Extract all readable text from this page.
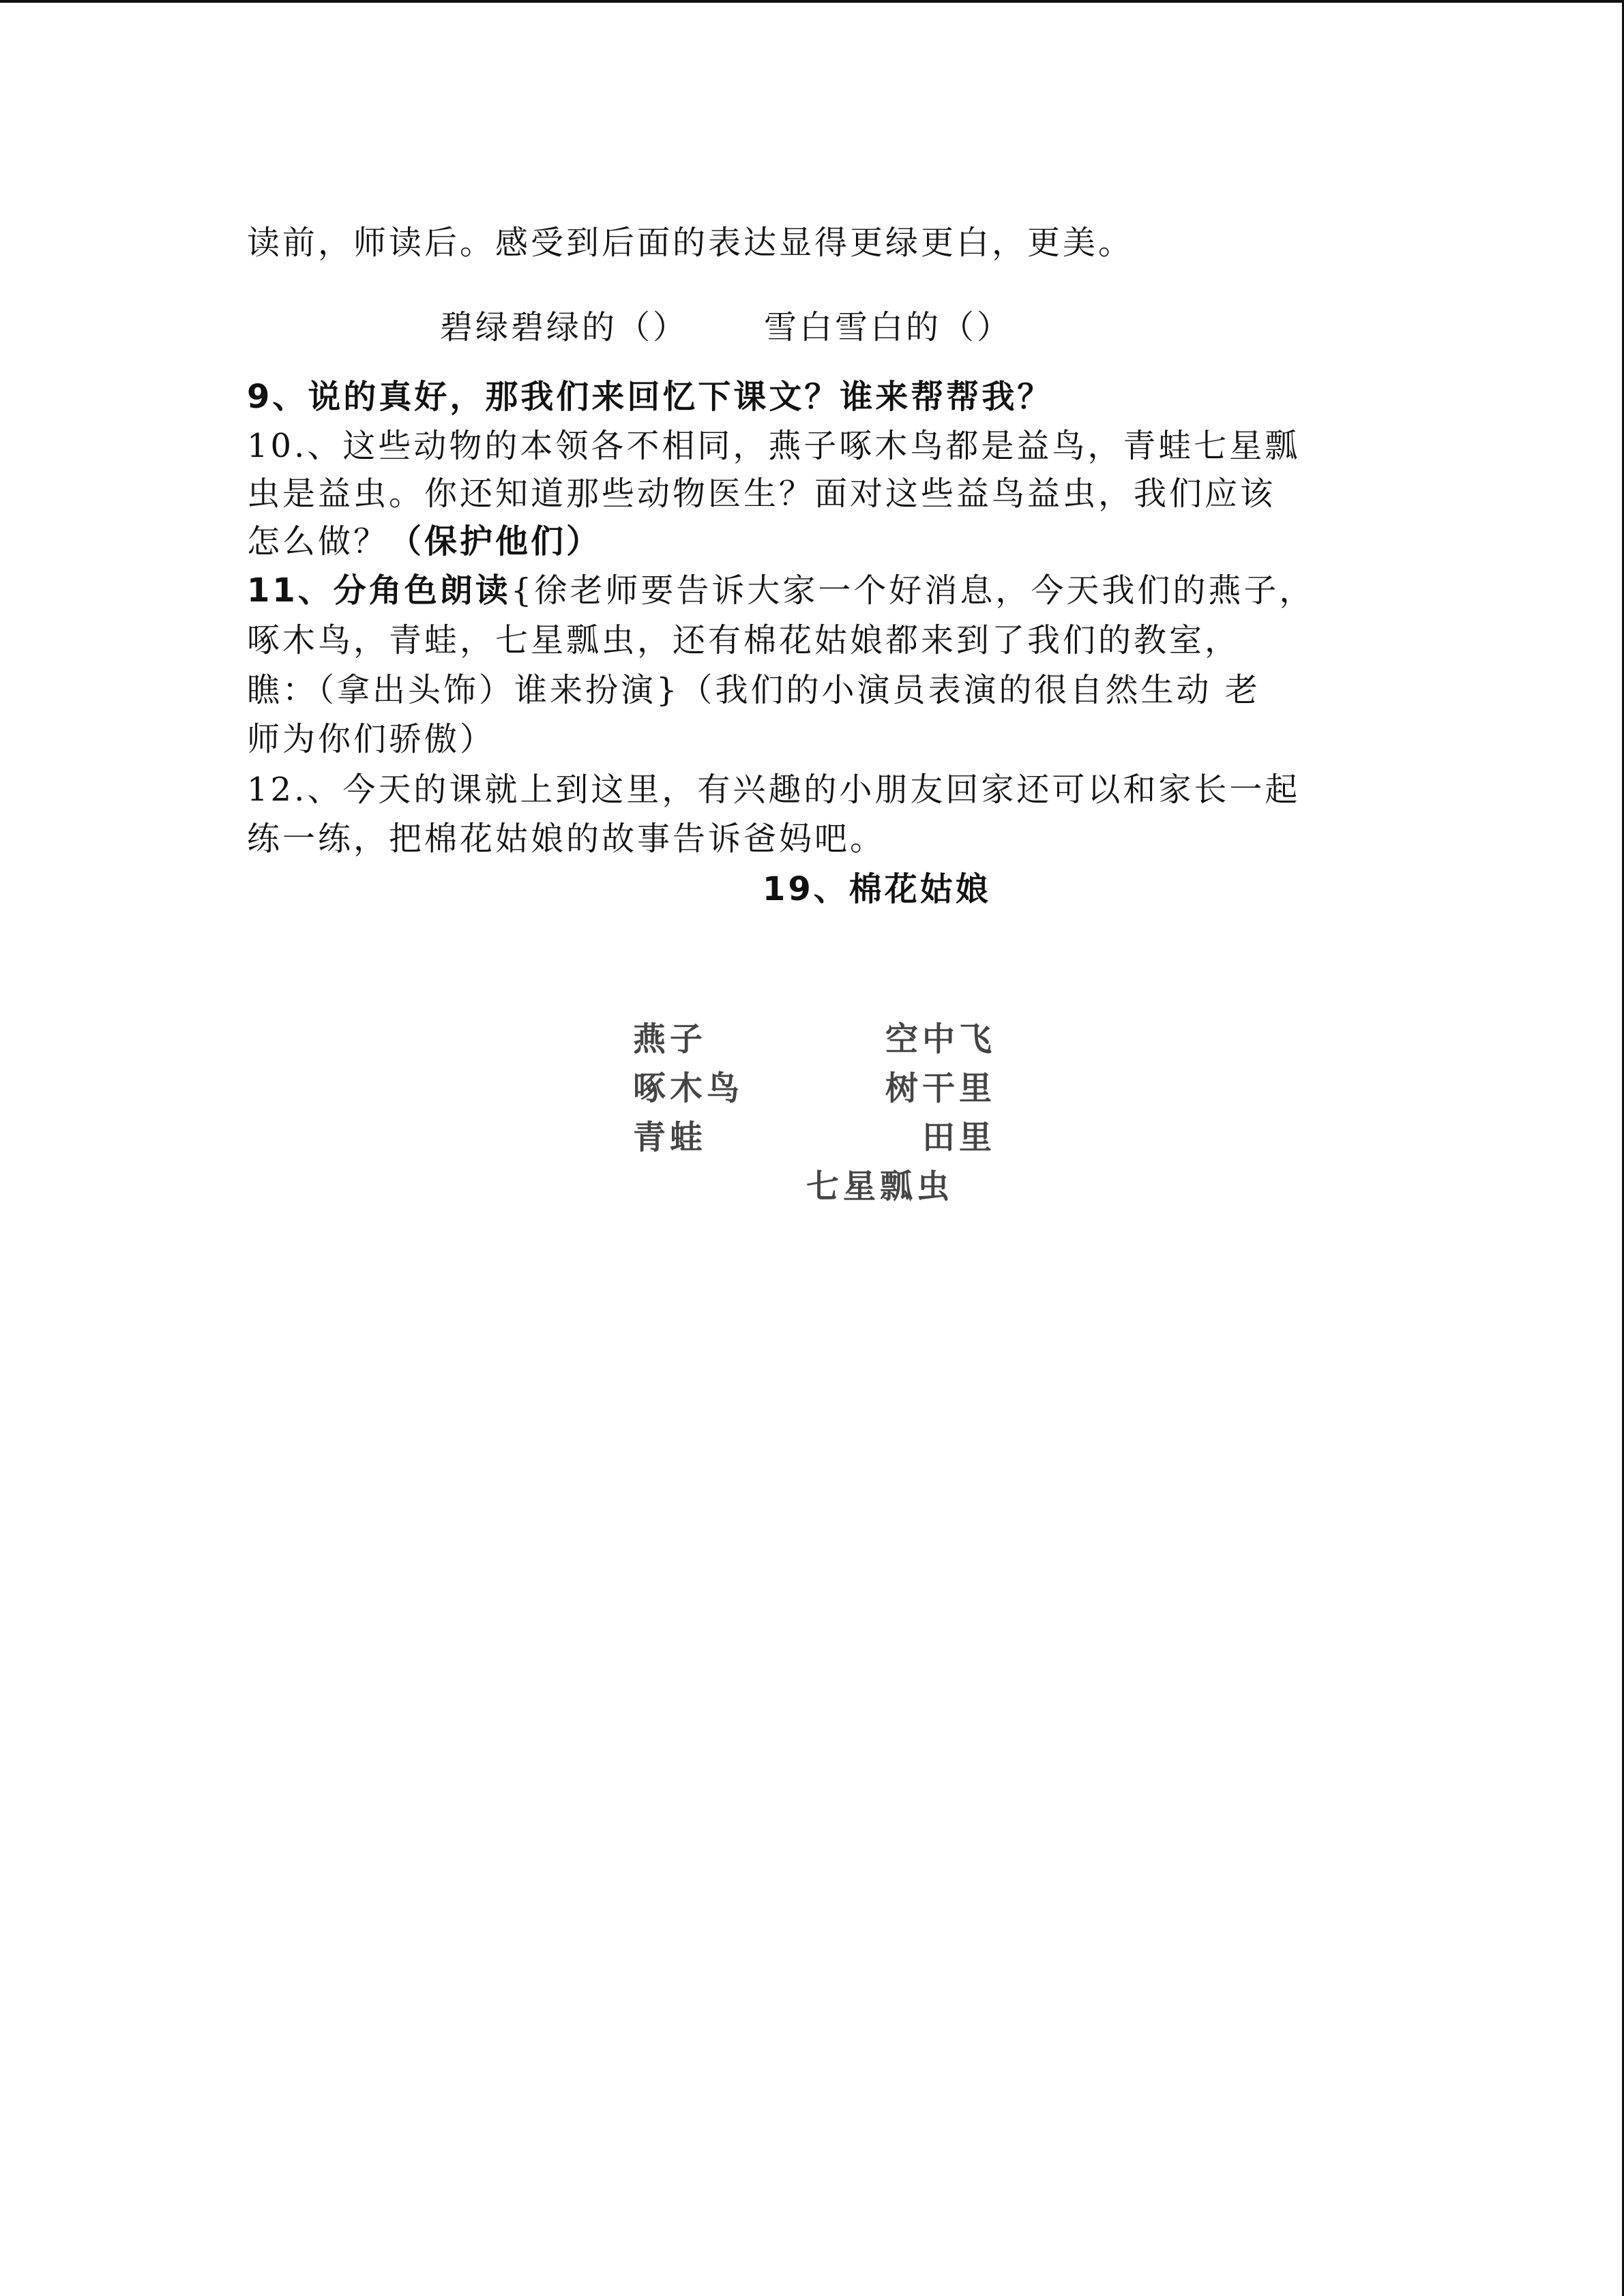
读前，师读后。感受到后面的表达显得更绿更白，更美。
碧绿碧绿的（） 雪白雪白的（）
9、说的真好，那我们来回忆下课文？谁来帮帮我？
10.、这些动物的本领各不相同，燕子啄木鸟都是益鸟，青蛙七星瓢
虫是益虫。你还知道那些动物医生？面对这些益鸟益虫，我们应该
怎么做？（保护他们）
11、分角色朗读{徐老师要告诉大家一个好消息，今天我们的燕子，
啄木鸟，青蛙，七星瓢虫，还有棉花姑娘都来到了我们的教室，
瞧：（拿出头饰）谁来扮演}（我们的小演员表演的很自然生动 老
师为你们骄傲）
12.、今天的课就上到这里，有兴趣的小朋友回家还可以和家长一起
练一练，把棉花姑娘的故事告诉爸妈吧。
19、棉花姑娘
燕子
啄木鸟
青蛙
空中飞
树干里
田里
七星瓢虫
